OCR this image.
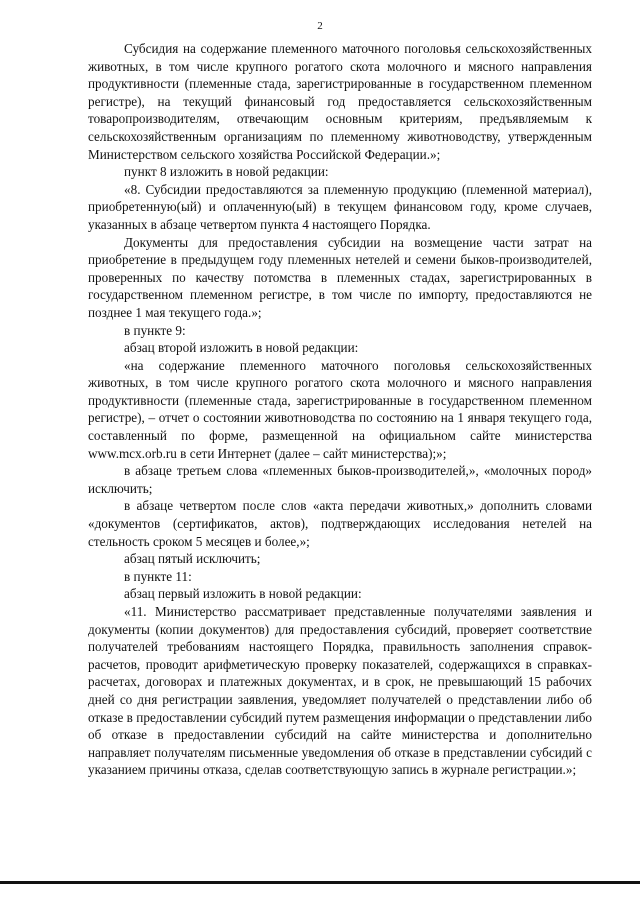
2

Субсидия на содержание племенного маточного поголовья сельскохозяйственных животных, в том числе крупного рогатого скота молочного и мясного направления продуктивности (племенные стада, зарегистрированные в государственном племенном регистре), на текущий финансовый год предоставляется сельскохозяйственным товаропроизводителям, отвечающим основным критериям, предъявляемым к сельскохозяйственным организациям по племенному животноводству, утвержденным Министерством сельского хозяйства Российской Федерации.»;

пункт 8 изложить в новой редакции:

«8. Субсидии предоставляются за племенную продукцию (племенной материал), приобретенную(ый) и оплаченную(ый) в текущем финансовом году, кроме случаев, указанных в абзаце четвертом пункта 4 настоящего Порядка.

Документы для предоставления субсидии на возмещение части затрат на приобретение в предыдущем году племенных нетелей и семени быков-производителей, проверенных по качеству потомства в племенных стадах, зарегистрированных в государственном племенном регистре, в том числе по импорту, предоставляются не позднее 1 мая текущего года.»;

в пункте 9:

абзац второй изложить в новой редакции:

«на содержание племенного маточного поголовья сельскохозяйственных животных, в том числе крупного рогатого скота молочного и мясного направления продуктивности (племенные стада, зарегистрированные в государственном племенном регистре), – отчет о состоянии животноводства по состоянию на 1 января текущего года, составленный по форме, размещенной на официальном сайте министерства www.mcx.orb.ru в сети Интернет (далее – сайт министерства);»;

в абзаце третьем слова «племенных быков-производителей,», «молочных пород» исключить;

в абзаце четвертом после слов «акта передачи животных,» дополнить словами «документов (сертификатов, актов), подтверждающих исследования нетелей на стельность сроком 5 месяцев и более,»;

абзац пятый исключить;

в пункте 11:

абзац первый изложить в новой редакции:

«11. Министерство рассматривает представленные получателями заявления и документы (копии документов) для предоставления субсидий, проверяет соответствие получателей требованиям настоящего Порядка, правильность заполнения справок-расчетов, проводит арифметическую проверку показателей, содержащихся в справках-расчетах, договорах и платежных документах, и в срок, не превышающий 15 рабочих дней со дня регистрации заявления, уведомляет получателей о представлении либо об отказе в предоставлении субсидий путем размещения информации о представлении либо об отказе в предоставлении субсидий на сайте министерства и дополнительно направляет получателям письменные уведомления об отказе в представлении субсидий с указанием причины отказа, сделав соответствующую запись в журнале регистрации.»;
